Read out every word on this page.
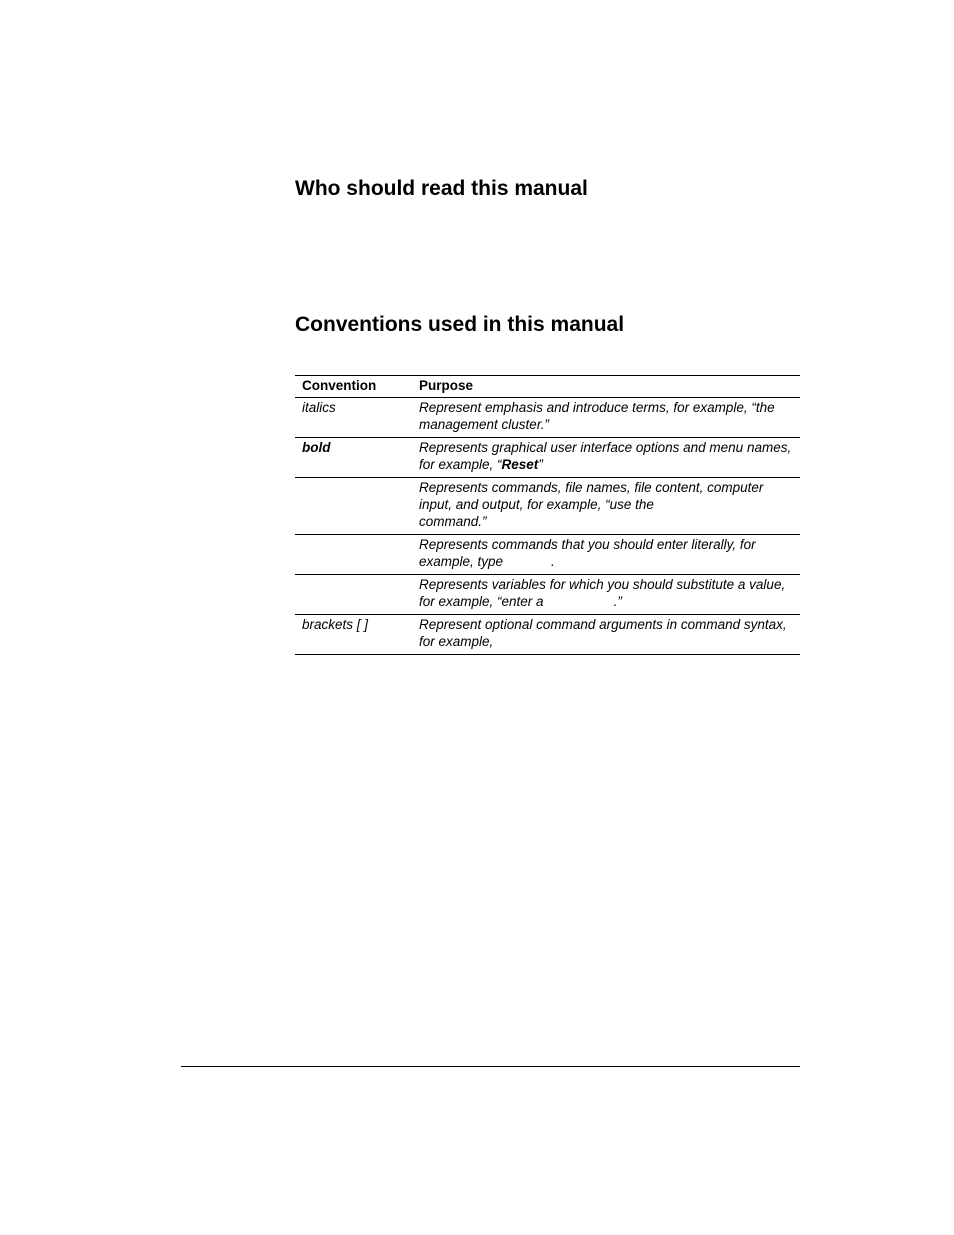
Who should read this manual
Conventions used in this manual
Convention	Purpose
italics	Represent emphasis and introduce terms, for example, “the management cluster.”
bold	Represents graphical user interface options and menu names, for example, “Reset”
	Represents commands, file names, file content, computer input, and output, for example, “use the
command.”
	Represents commands that you should enter literally, for example, type .
	Represents variables for which you should substitute a value, for example, “enter a .”
brackets [ ]	Represent optional command arguments in command syntax, for example,
